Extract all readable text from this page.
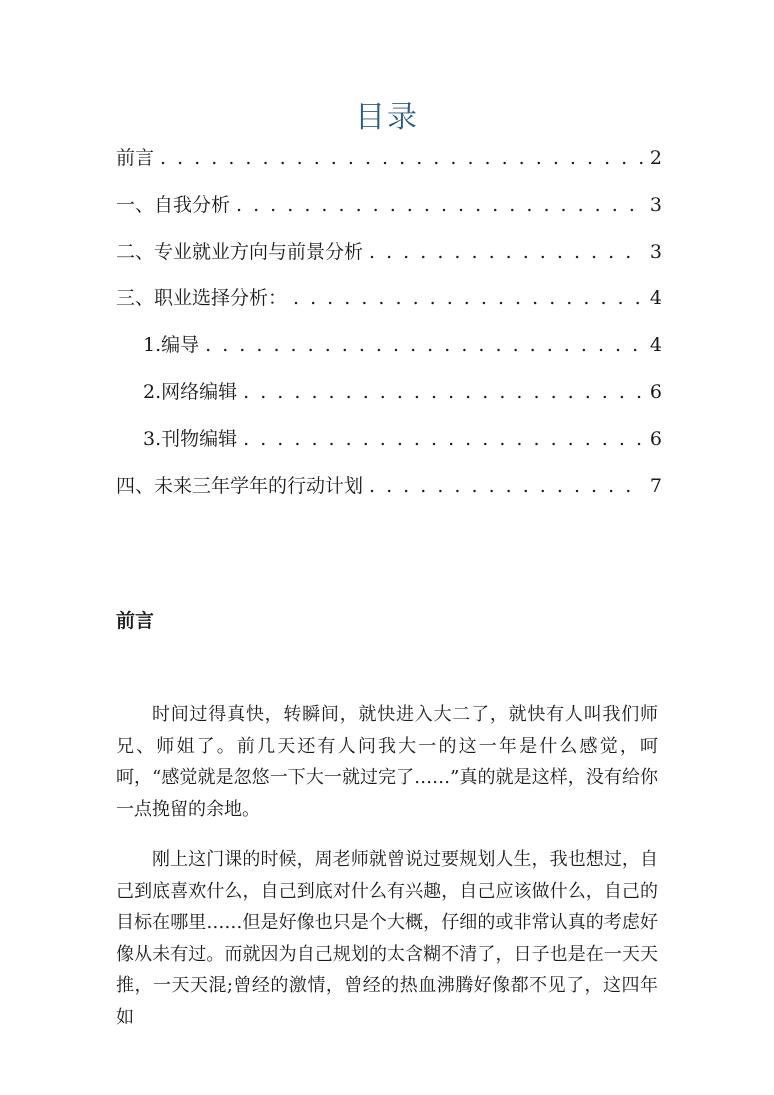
目录
前言 . . .	2
一、自我分析 . . .	3
二、专业就业方向与前景分析 . . .	3
三、职业选择分析： . . .	4
1.编导 . . .	4
2.网络编辑 . . .	6
3.刊物编辑 . . .	6
四、未来三年学年的行动计划 . . .	7
前言

时间过得真快，转瞬间，就快进入大二了，就快有人叫我们师兄、师姐了。前几天还有人问我大一的这一年是什么感觉，呵呵，“感觉就是忽悠一下大一就过完了……”真的就是这样，没有给你一点挽留的余地。

刚上这门课的时候，周老师就曾说过要规划人生，我也想过，自己到底喜欢什么，自己到底对什么有兴趣，自己应该做什么，自己的目标在哪里……但是好像也只是个大概，仔细的或非常认真的考虑好像从未有过。而就因为自己规划的太含糊不清了，日子也是在一天天推，一天天混;曾经的激情，曾经的热血沸腾好像都不见了，这四年如
